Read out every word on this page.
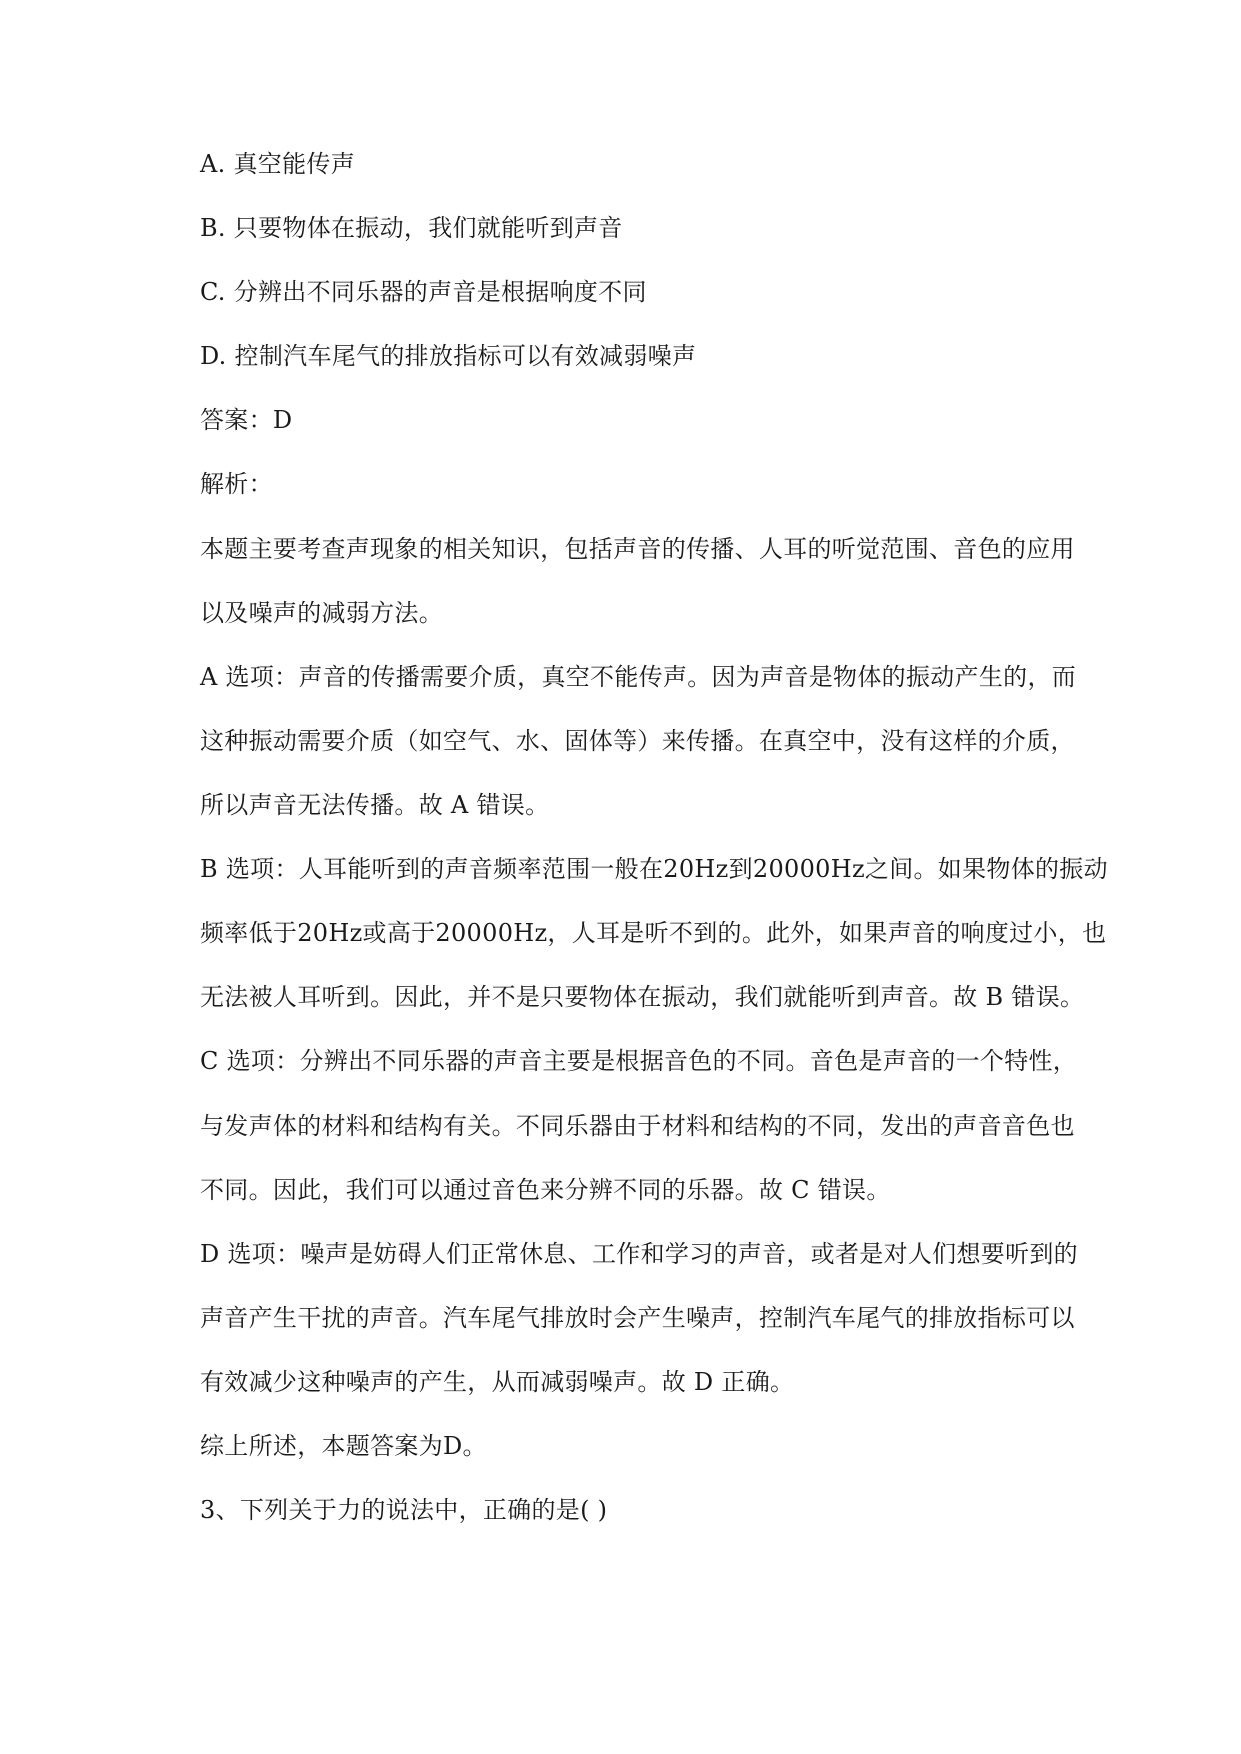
A. 真空能传声

B. 只要物体在振动，我们就能听到声音

C. 分辨出不同乐器的声音是根据响度不同

D. 控制汽车尾气的排放指标可以有效减弱噪声

答案：D

解析：

本题主要考查声现象的相关知识，包括声音的传播、人耳的听觉范围、音色的应用

以及噪声的减弱方法。

A 选项：声音的传播需要介质，真空不能传声。因为声音是物体的振动产生的，而

这种振动需要介质（如空气、水、固体等）来传播。在真空中，没有这样的介质，

所以声音无法传播。故 A 错误。

B 选项：人耳能听到的声音频率范围一般在20Hz到20000Hz之间。如果物体的振动

频率低于20Hz或高于20000Hz，人耳是听不到的。此外，如果声音的响度过小，也

无法被人耳听到。因此，并不是只要物体在振动，我们就能听到声音。故 B 错误。

C 选项：分辨出不同乐器的声音主要是根据音色的不同。音色是声音的一个特性，

与发声体的材料和结构有关。不同乐器由于材料和结构的不同，发出的声音音色也

不同。因此，我们可以通过音色来分辨不同的乐器。故 C 错误。

D 选项：噪声是妨碍人们正常休息、工作和学习的声音，或者是对人们想要听到的

声音产生干扰的声音。汽车尾气排放时会产生噪声，控制汽车尾气的排放指标可以

有效减少这种噪声的产生，从而减弱噪声。故 D 正确。

综上所述，本题答案为D。

3、下列关于力的说法中，正确的是( )
